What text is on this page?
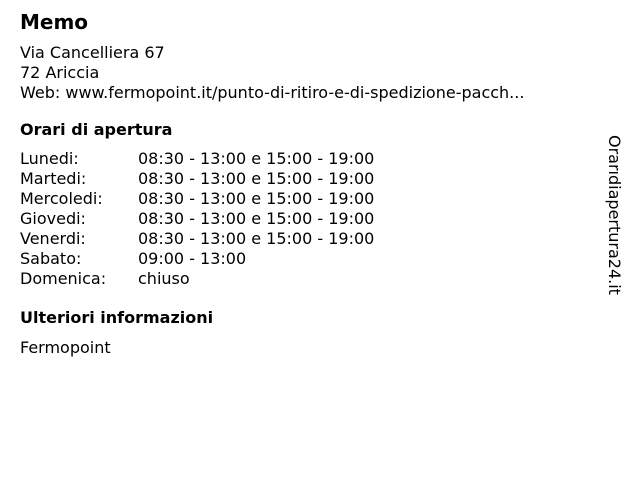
Memo
Via Cancelliera 67
72 Ariccia
Web: www.fermopoint.it/punto-di-ritiro-e-di-spedizione-pacch...
Orari di apertura
Lunedi:	08:30 - 13:00 e 15:00 - 19:00
Martedi:	08:30 - 13:00 e 15:00 - 19:00
Mercoledi:	08:30 - 13:00 e 15:00 - 19:00
Giovedi:	08:30 - 13:00 e 15:00 - 19:00
Venerdi:	08:30 - 13:00 e 15:00 - 19:00
Sabato:	09:00 - 13:00
Domenica:	chiuso
Ulteriori informazioni
Fermopoint
Orarıdiapertura24.it
